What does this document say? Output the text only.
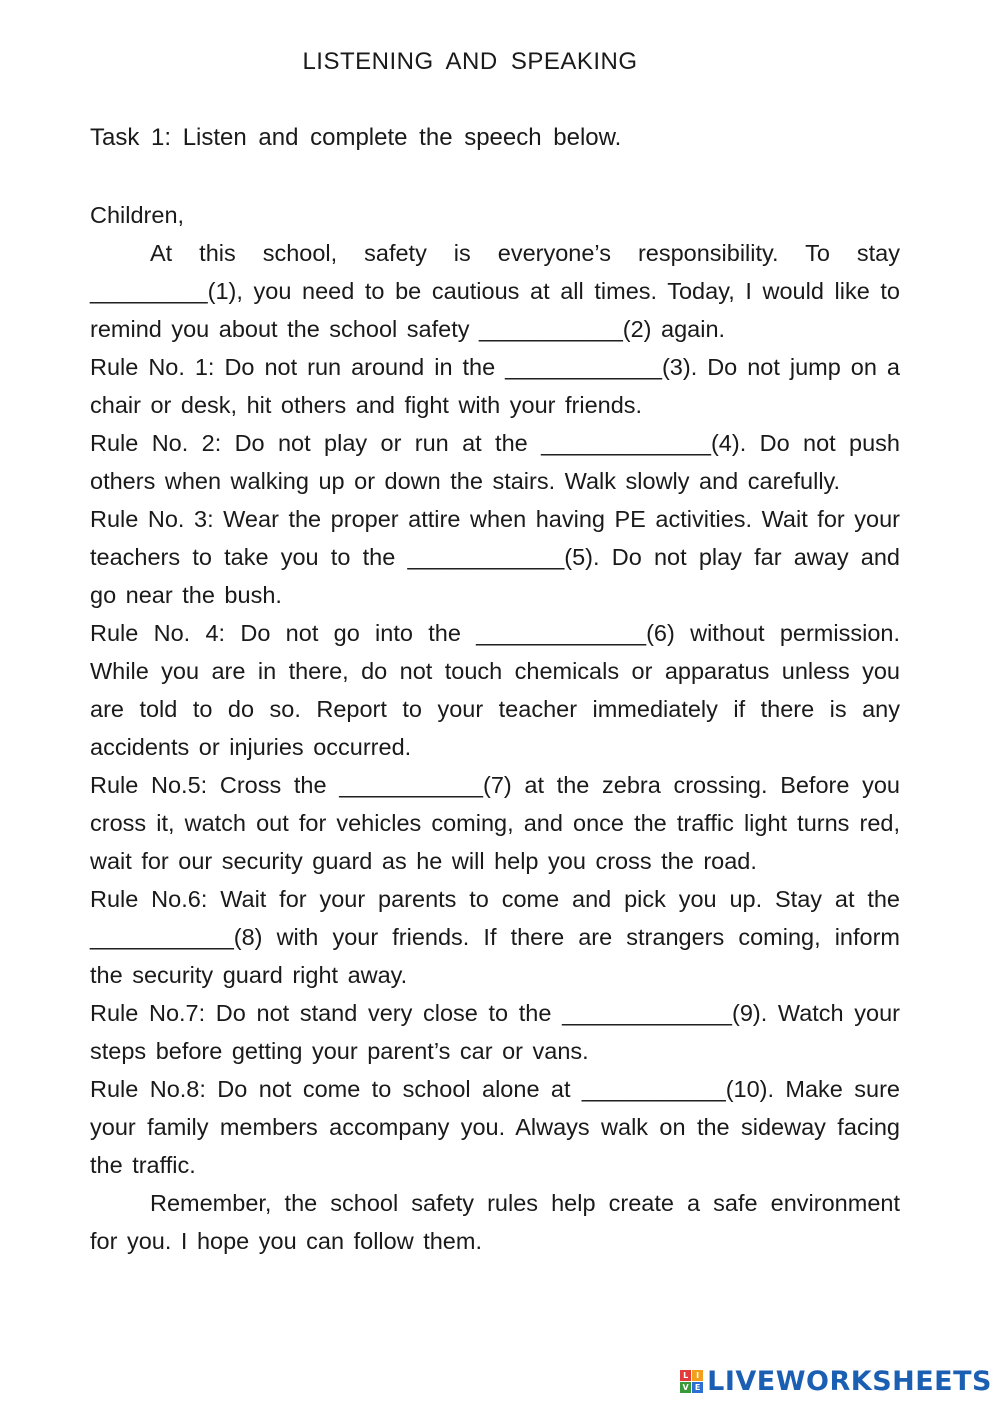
LISTENING AND SPEAKING
Task 1: Listen and complete the speech below.

Children,

At this school, safety is everyone’s responsibility. To stay _________(1), you need to be cautious at all times. Today, I would like to remind you about the school safety ___________(2) again.

Rule No. 1: Do not run around in the ____________(3). Do not jump on a chair or desk, hit others and fight with your friends.

Rule No. 2: Do not play or run at the _____________(4). Do not push others when walking up or down the stairs. Walk slowly and carefully.

Rule No. 3: Wear the proper attire when having PE activities. Wait for your teachers to take you to the ____________(5). Do not play far away and go near the bush.

Rule No. 4: Do not go into the _____________(6) without permission. While you are in there, do not touch chemicals or apparatus unless you are told to do so. Report to your teacher immediately if there is any accidents or injuries occurred.

Rule No.5: Cross the ___________(7) at the zebra crossing. Before you cross it, watch out for vehicles coming, and once the traffic light turns red, wait for our security guard as he will help you cross the road.

Rule No.6: Wait for your parents to come and pick you up. Stay at the ___________(8) with your friends. If there are strangers coming, inform the security guard right away.

Rule No.7: Do not stand very close to the _____________(9). Watch your steps before getting your parent’s car or vans.

Rule No.8: Do not come to school alone at ___________(10). Make sure your family members accompany you. Always walk on the sideway facing the traffic.

Remember, the school safety rules help create a safe environment for you. I hope you can follow them.

L I
V E LIVEWORKSHEETS
